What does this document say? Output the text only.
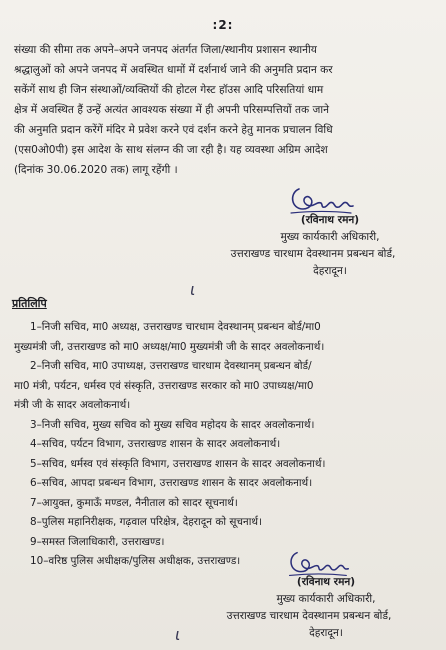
:2:
संख्या की सीमा तक अपने–अपने जनपद अंतर्गत जिला/स्थानीय प्रशासन स्थानीय
श्रद्धालुओं को अपने जनपद में अवस्थित धामों में दर्शनार्थ जाने की अनुमति प्रदान कर
सकेंगें साथ ही जिन संस्थाओं/व्यक्तियों की होटल गेस्ट हॉउस आदि परिसतियां धाम
क्षेत्र में अवस्थित हैं उन्हें अत्यंत आवश्यक संख्या में ही अपनी परिसम्पत्तियों तक जाने
की अनुमति प्रदान करेंगें मंदिर मे प्रवेश करने एवं दर्शन करने हेतु मानक प्रचालन विधि
(एस0ओ0पी) इस आदेश के साथ संलग्न की जा रही है। यह व्यवस्था अग्रिम आदेश
(दिनांक 30.06.2020 तक) लागू रहेंगी ।
(रविनाथ रमन)
मुख्य कार्यकारी अधिकारी,
उत्तराखण्ड चारधाम देवस्थानम प्रबन्धन बोर्ड,
देहरादून।
ι
प्रतिलिपि
1–निजी सचिव, मा0 अध्यक्ष, उत्तराखण्ड चारधाम देवस्थानम् प्रबन्धन बोर्ड/मा0
मुख्यमंत्री जी, उत्तराखण्ड को मा0 अध्यक्ष/मा0 मुख्यमंत्री जी के सादर अवलोकनार्थ।
2–निजी सचिव, मा0 उपाध्यक्ष, उत्तराखण्ड चारधाम देवस्थानम् प्रबन्धन बोर्ड/
मा0 मंत्री, पर्यटन, धर्मस्व एवं संस्कृति, उत्तराखण्ड सरकार को मा0 उपाध्यक्ष/मा0
मंत्री जी के सादर अवलोकनार्थ।
3–निजी सचिव, मुख्य सचिव को मुख्य सचिव महोदय के सादर अवलोकनार्थ।
4–सचिव, पर्यटन विभाग, उत्तराखण्ड शासन के सादर अवलोकनार्थ।
5–सचिव, धर्मस्व एवं संस्कृति विभाग, उत्तराखण्ड शासन के सादर अवलोकनार्थ।
6–सचिव, आपदा प्रबन्धन विभाग, उत्तराखण्ड शासन के सादर अवलोकनार्थ।
7–आयुक्त, कुमाऊँ मण्डल, नैनीताल को सादर सूचनार्थ।
8–पुलिस महानिरीक्षक, गढ़वाल परिक्षेत्र, देहरादून को सूचनार्थ।
9–समस्त जिलाधिकारी, उत्तराखण्ड।
10–वरिष्ठ पुलिस अधीक्षक/पुलिस अधीक्षक, उत्तराखण्ड।
(रविनाथ रमन)
मुख्य कार्यकारी अधिकारी,
उत्तराखण्ड चारधाम देवस्थानम प्रबन्धन बोर्ड,
देहरादून।
ι
